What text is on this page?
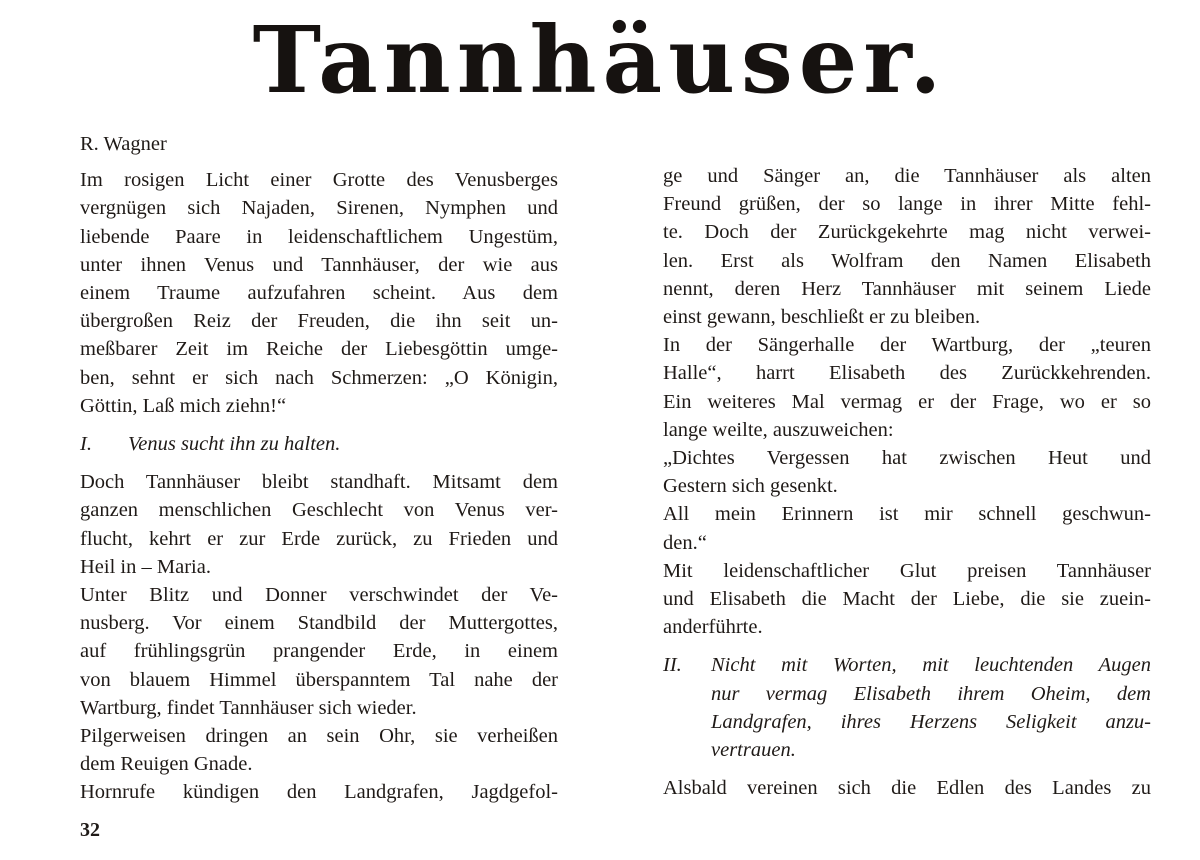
Tannhäuser.
R. Wagner
Im rosigen Licht einer Grotte des Venusberges
vergnügen sich Najaden, Sirenen, Nymphen und
liebende Paare in leidenschaftlichem Ungestüm,
unter ihnen Venus und Tannhäuser, der wie aus
einem Traume aufzufahren scheint. Aus dem
übergroßen Reiz der Freuden, die ihn seit un-
meßbarer Zeit im Reiche der Liebesgöttin umge-
ben, sehnt er sich nach Schmerzen: „O Königin,
Göttin, Laß mich ziehn!“
I.	Venus sucht ihn zu halten.
Doch Tannhäuser bleibt standhaft. Mitsamt dem
ganzen menschlichen Geschlecht von Venus ver-
flucht, kehrt er zur Erde zurück, zu Frieden und
Heil in – Maria.
Unter Blitz und Donner verschwindet der Ve-
nusberg. Vor einem Standbild der Muttergottes,
auf frühlingsgrün prangender Erde, in einem
von blauem Himmel überspanntem Tal nahe der
Wartburg, findet Tannhäuser sich wieder.
Pilgerweisen dringen an sein Ohr, sie verheißen
dem Reuigen Gnade.
Hornrufe kündigen den Landgrafen, Jagdgefol-
ge und Sänger an, die Tannhäuser als alten
Freund grüßen, der so lange in ihrer Mitte fehl-
te. Doch der Zurückgekehrte mag nicht verwei-
len. Erst als Wolfram den Namen Elisabeth
nennt, deren Herz Tannhäuser mit seinem Liede
einst gewann, beschließt er zu bleiben.
In der Sängerhalle der Wartburg, der „teuren
Halle“, harrt Elisabeth des Zurückkehrenden.
Ein weiteres Mal vermag er der Frage, wo er so
lange weilte, auszuweichen:
„Dichtes Vergessen hat zwischen Heut und
Gestern sich gesenkt.
All mein Erinnern ist mir schnell geschwun-
den.“
Mit leidenschaftlicher Glut preisen Tannhäuser
und Elisabeth die Macht der Liebe, die sie zuein-
anderführte.
II.	Nicht mit Worten, mit leuchtenden Augen
nur vermag Elisabeth ihrem Oheim, dem
Landgrafen, ihres Herzens Seligkeit anzu-
vertrauen.
Alsbald vereinen sich die Edlen des Landes zu
32
